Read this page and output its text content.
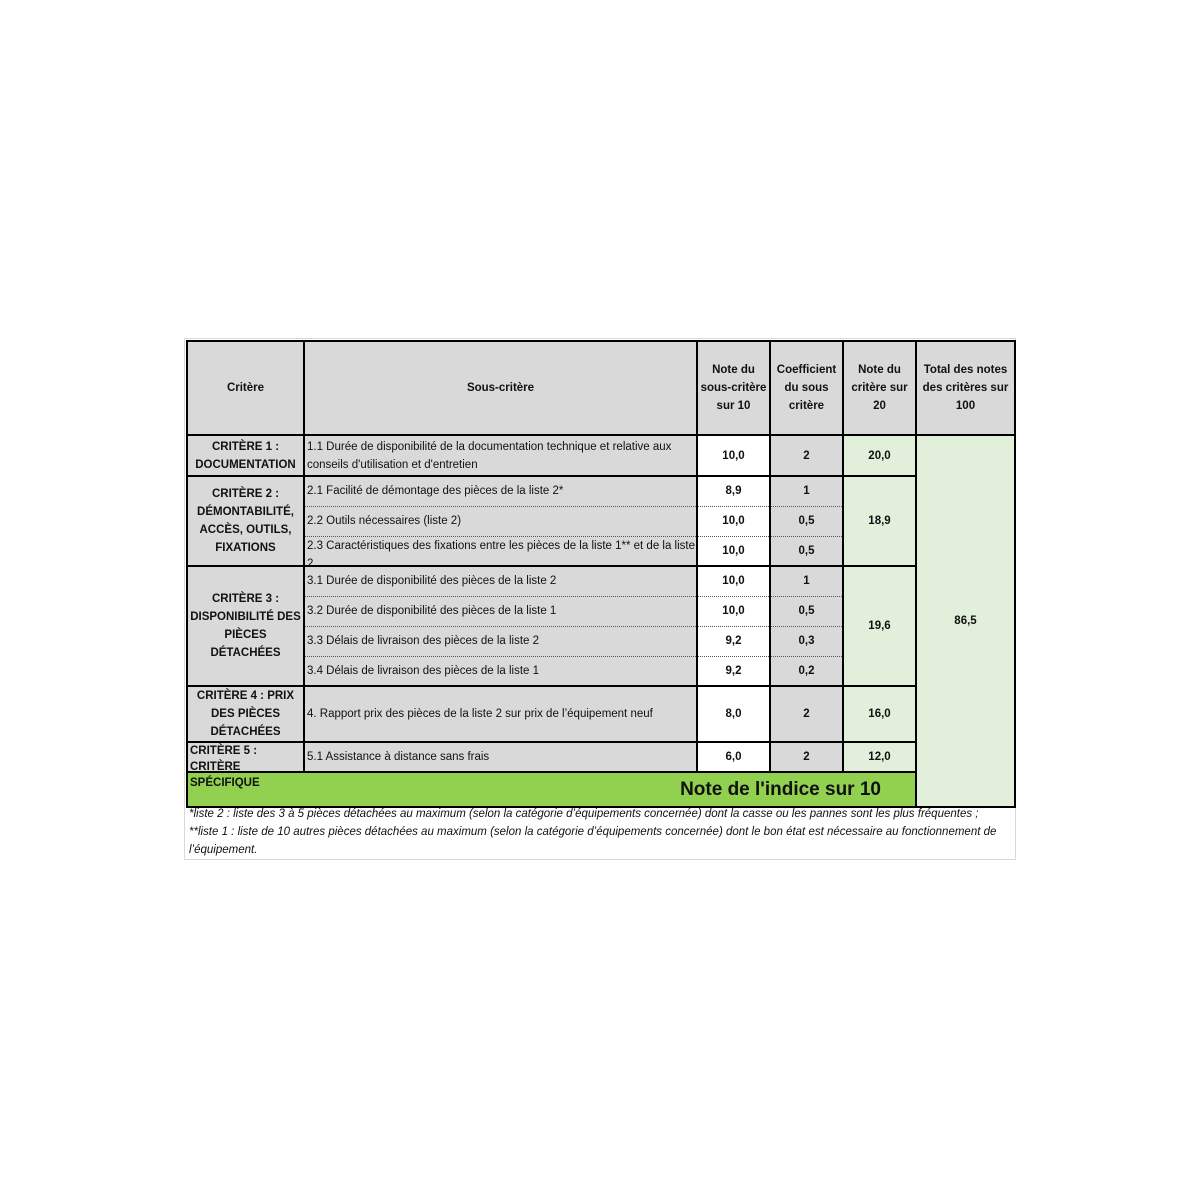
Critère	Sous-critère	Note du sous-critère sur 10	Coefficient du sous critère	Note du critère sur 20	Total des notes des critères sur 100	
CRITÈRE 1 : DOCUMENTATION	1.1 Durée de disponibilité de la documentation technique et relative aux conseils d'utilisation et d'entretien	10,0	2	20,0	86,5	
CRITÈRE 2 : DÉMONTABILITÉ, ACCÈS, OUTILS, FIXATIONS	2.1 Facilité de démontage des pièces de la liste 2*	8,9	1	18,9		
	2.2 Outils nécessaires (liste 2)	10,0	0,5			

	2.3 Caractéristiques des fixations entre les pièces de la liste 1** et de la liste 2	10,0	0,5			
CRITÈRE 3 : DISPONIBILITÉ DES PIÈCES DÉTACHÉES	3.1 Durée de disponibilité des pièces de la liste 2	10,0	1	19,6		
	3.2 Durée de disponibilité des pièces de la liste 1	10,0	0,5			
	3.3 Délais de livraison des pièces de la liste 2	9,2	0,3			
	3.4 Délais de livraison des pièces de la liste 1	9,2	0,2			
CRITÈRE 4 : PRIX DES PIÈCES DÉTACHÉES	4. Rapport prix des pièces de la liste 2 sur prix de l’équipement neuf	8,0	2	16,0		

CRITÈRE 5 : CRITÈRE SPÉCIFIQUE	5.1 Assistance à distance sans frais	6,0	2	12,0		
Note de l'indice sur 10	

*liste 2 : liste des 3 à 5 pièces détachées au maximum (selon la catégorie d’équipements concernée) dont la casse ou les pannes sont les plus fréquentes ;

**liste 1 : liste de 10 autres pièces détachées au maximum (selon la catégorie d’équipements concernée) dont le bon état est nécessaire au fonctionnement de l’équipement.
